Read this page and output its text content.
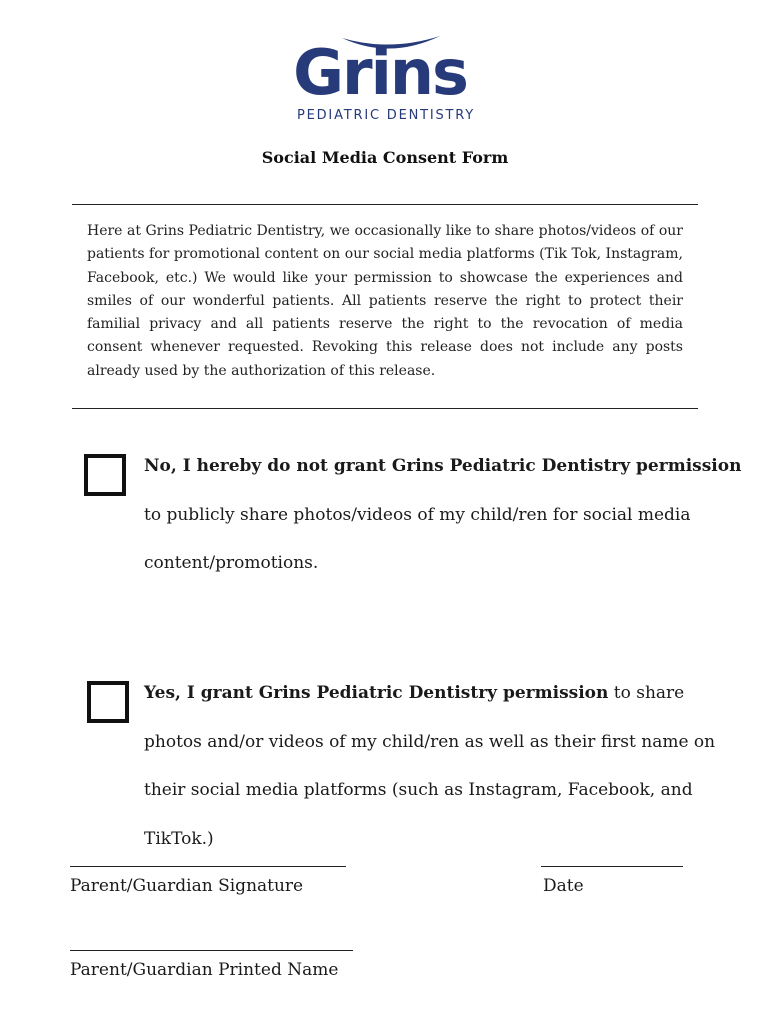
Grins
PEDIATRIC DENTISTRY
Social Media Consent Form
Here at Grins Pediatric Dentistry, we occasionally like to share photos/videos of our patients for promotional content on our social media platforms (Tik Tok, Instagram, Facebook, etc.) We would like your permission to showcase the experiences and smiles of our wonderful patients. All patients reserve the right to protect their familial privacy and all patients reserve the right to the revocation of media consent whenever requested. Revoking this release does not include any posts already used by the authorization of this release.
No, I hereby do not grant Grins Pediatric Dentistry permission to publicly share photos/videos of my child/ren for social media content/promotions.
Yes, I grant Grins Pediatric Dentistry permission to share photos and/or videos of my child/ren as well as their first name on their social media platforms (such as Instagram, Facebook, and TikTok.)
Parent/Guardian Signature	Date
Parent/Guardian Printed Name
